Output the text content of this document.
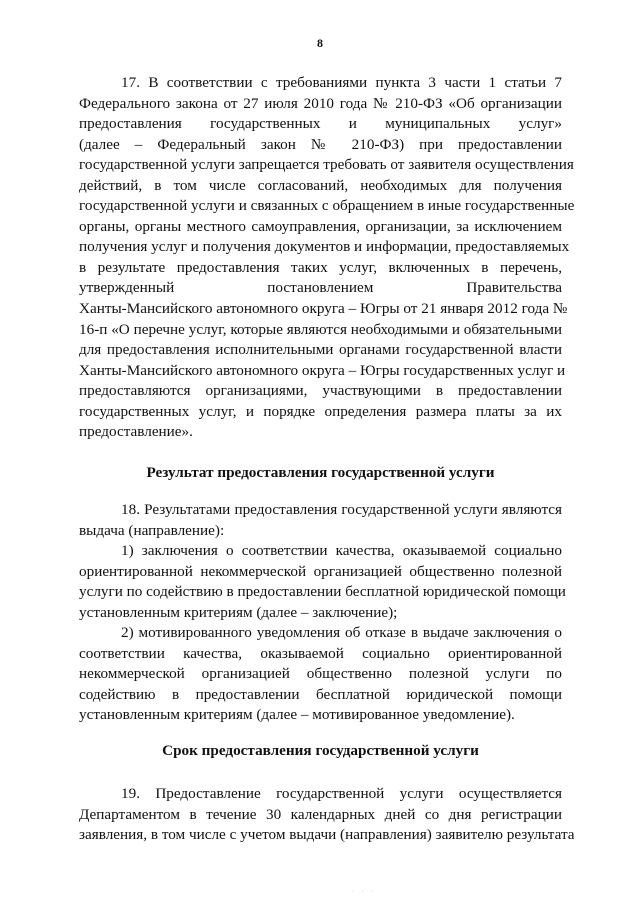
8
17. В соответствии с требованиями пункта 3 части 1 статьи 7
Федерального закона от 27 июля 2010 года № 210-ФЗ «Об организации
предоставления государственных и муниципальных услуг»
(далее – Федеральный закон № 210-ФЗ) при предоставлении
государственной услуги запрещается требовать от заявителя осуществления
действий, в том числе согласований, необходимых для получения
государственной услуги и связанных с обращением в иные государственные
органы, органы местного самоуправления, организации, за исключением
получения услуг и получения документов и информации, предоставляемых
в результате предоставления таких услуг, включенных в перечень,
утвержденный постановлением Правительства
Ханты-Мансийского автономного округа – Югры от 21 января 2012 года №
16-п «О перечне услуг, которые являются необходимыми и обязательными
для предоставления исполнительными органами государственной власти
Ханты-Мансийского автономного округа – Югры государственных услуг и
предоставляются организациями, участвующими в предоставлении
государственных услуг, и порядке определения размера платы за их
предоставление».
Результат предоставления государственной услуги
18. Результатами предоставления государственной услуги являются
выдача (направление):
1) заключения о соответствии качества, оказываемой социально
ориентированной некоммерческой организацией общественно полезной
услуги по содействию в предоставлении бесплатной юридической помощи
установленным критериям (далее – заключение);
2) мотивированного уведомления об отказе в выдаче заключения о
соответствии качества, оказываемой социально ориентированной
некоммерческой организацией общественно полезной услуги по
содействию в предоставлении бесплатной юридической помощи
установленным критериям (далее – мотивированное уведомление).
Срок предоставления государственной услуги
19. Предоставление государственной услуги осуществляется
Департаментом в течение 30 календарных дней со дня регистрации
заявления, в том числе с учетом выдачи (направления) заявителю результата
· · ·
